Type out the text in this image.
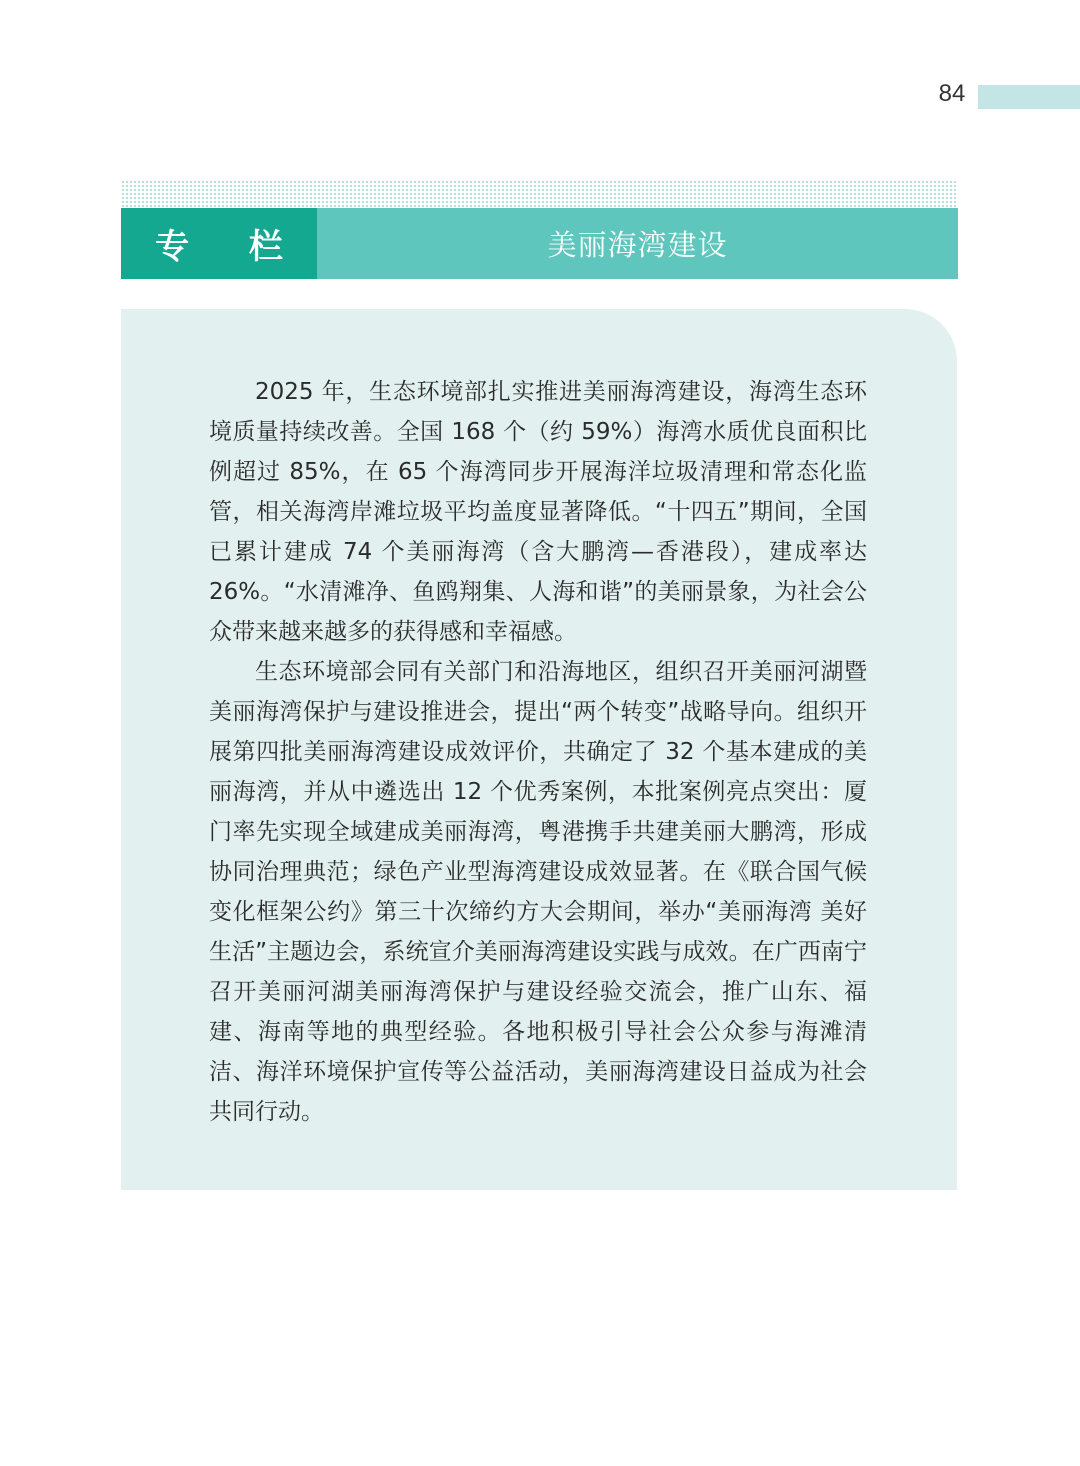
84
专 栏	美丽海湾建设

2025 年，生态环境部扎实推进美丽海湾建设，海湾生态环境质量持续改善。全国 168 个（约 59%）海湾水质优良面积比例超过 85%，在 65 个海湾同步开展海洋垃圾清理和常态化监管，相关海湾岸滩垃圾平均盖度显著降低。“十四五”期间，全国已累计建成 74 个美丽海湾（含大鹏湾—香港段），建成率达 26%。“水清滩净、鱼鸥翔集、人海和谐”的美丽景象，为社会公众带来越来越多的获得感和幸福感。

生态环境部会同有关部门和沿海地区，组织召开美丽河湖暨美丽海湾保护与建设推进会，提出“两个转变”战略导向。组织开展第四批美丽海湾建设成效评价，共确定了 32 个基本建成的美丽海湾，并从中遴选出 12 个优秀案例，本批案例亮点突出：厦门率先实现全域建成美丽海湾，粤港携手共建美丽大鹏湾，形成协同治理典范；绿色产业型海湾建设成效显著。在《联合国气候变化框架公约》第三十次缔约方大会期间，举办“美丽海湾 美好生活”主题边会，系统宣介美丽海湾建设实践与成效。在广西南宁召开美丽河湖美丽海湾保护与建设经验交流会，推广山东、福建、海南等地的典型经验。各地积极引导社会公众参与海滩清洁、海洋环境保护宣传等公益活动，美丽海湾建设日益成为社会共同行动。
